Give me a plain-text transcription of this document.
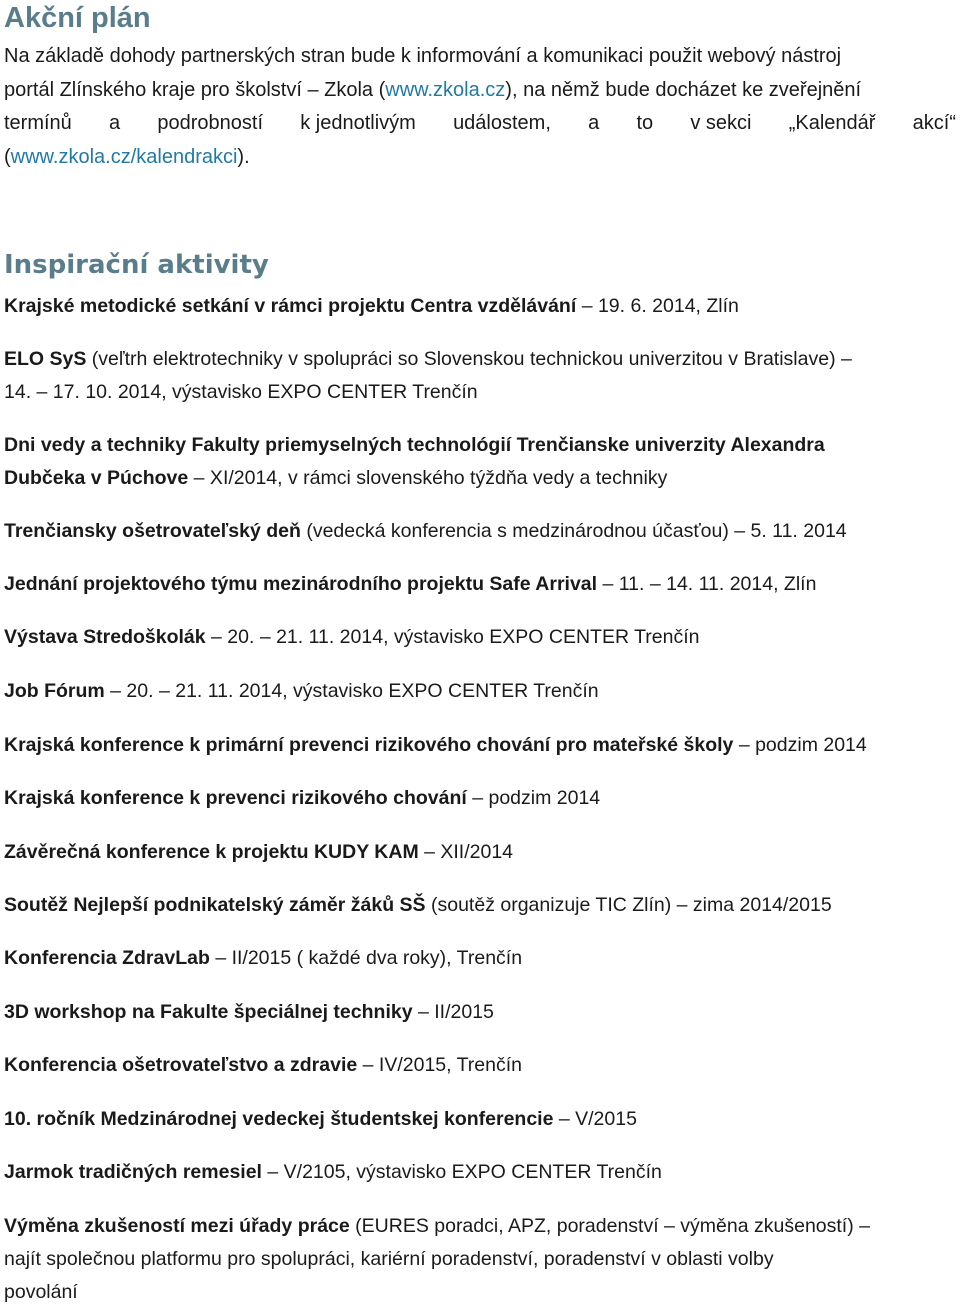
Akční plán
Na základě dohody partnerských stran bude k informování a komunikaci použit webový nástroj
portál Zlínského kraje pro školství – Zkola (www.zkola.cz), na němž bude docházet ke zveřejnění
termínů a podrobností k jednotlivým událostem, a to v sekci „Kalendář akcí“
(www.zkola.cz/kalendrakci).
Inspirační aktivity
Krajské metodické setkání v rámci projektu Centra vzdělávání – 19. 6. 2014, Zlín
ELO SyS (veľtrh elektrotechniky v spolupráci so Slovenskou technickou univerzitou v Bratislave) –
14. – 17. 10. 2014, výstavisko EXPO CENTER Trenčín
Dni vedy a techniky Fakulty priemyselných technológií Trenčianske univerzity Alexandra
Dubčeka v Púchove – XI/2014, v rámci slovenského týždňa vedy a techniky
Trenčiansky ošetrovateľský deň (vedecká konferencia s medzinárodnou účasťou) – 5. 11. 2014
Jednání projektového týmu mezinárodního projektu Safe Arrival – 11. – 14. 11. 2014, Zlín
Výstava Stredoškolák – 20. – 21. 11. 2014, výstavisko EXPO CENTER Trenčín
Job Fórum – 20. – 21. 11. 2014, výstavisko EXPO CENTER Trenčín
Krajská konference k primární prevenci rizikového chování pro mateřské školy – podzim 2014
Krajská konference k prevenci rizikového chování – podzim 2014
Závěrečná konference k projektu KUDY KAM – XII/2014
Soutěž Nejlepší podnikatelský záměr žáků SŠ (soutěž organizuje TIC Zlín) – zima 2014/2015
Konferencia ZdravLab – II/2015 ( každé dva roky), Trenčín
3D workshop na Fakulte špeciálnej techniky – II/2015
Konferencia ošetrovateľstvo a zdravie – IV/2015, Trenčín
10. ročník Medzinárodnej vedeckej študentskej konferencie – V/2015
Jarmok tradičných remesiel – V/2105, výstavisko EXPO CENTER Trenčín
Výměna zkušeností mezi úřady práce (EURES poradci, APZ, poradenství – výměna zkušeností) –
najít společnou platformu pro spolupráci, kariérní poradenství, poradenství v oblasti volby
povolání
